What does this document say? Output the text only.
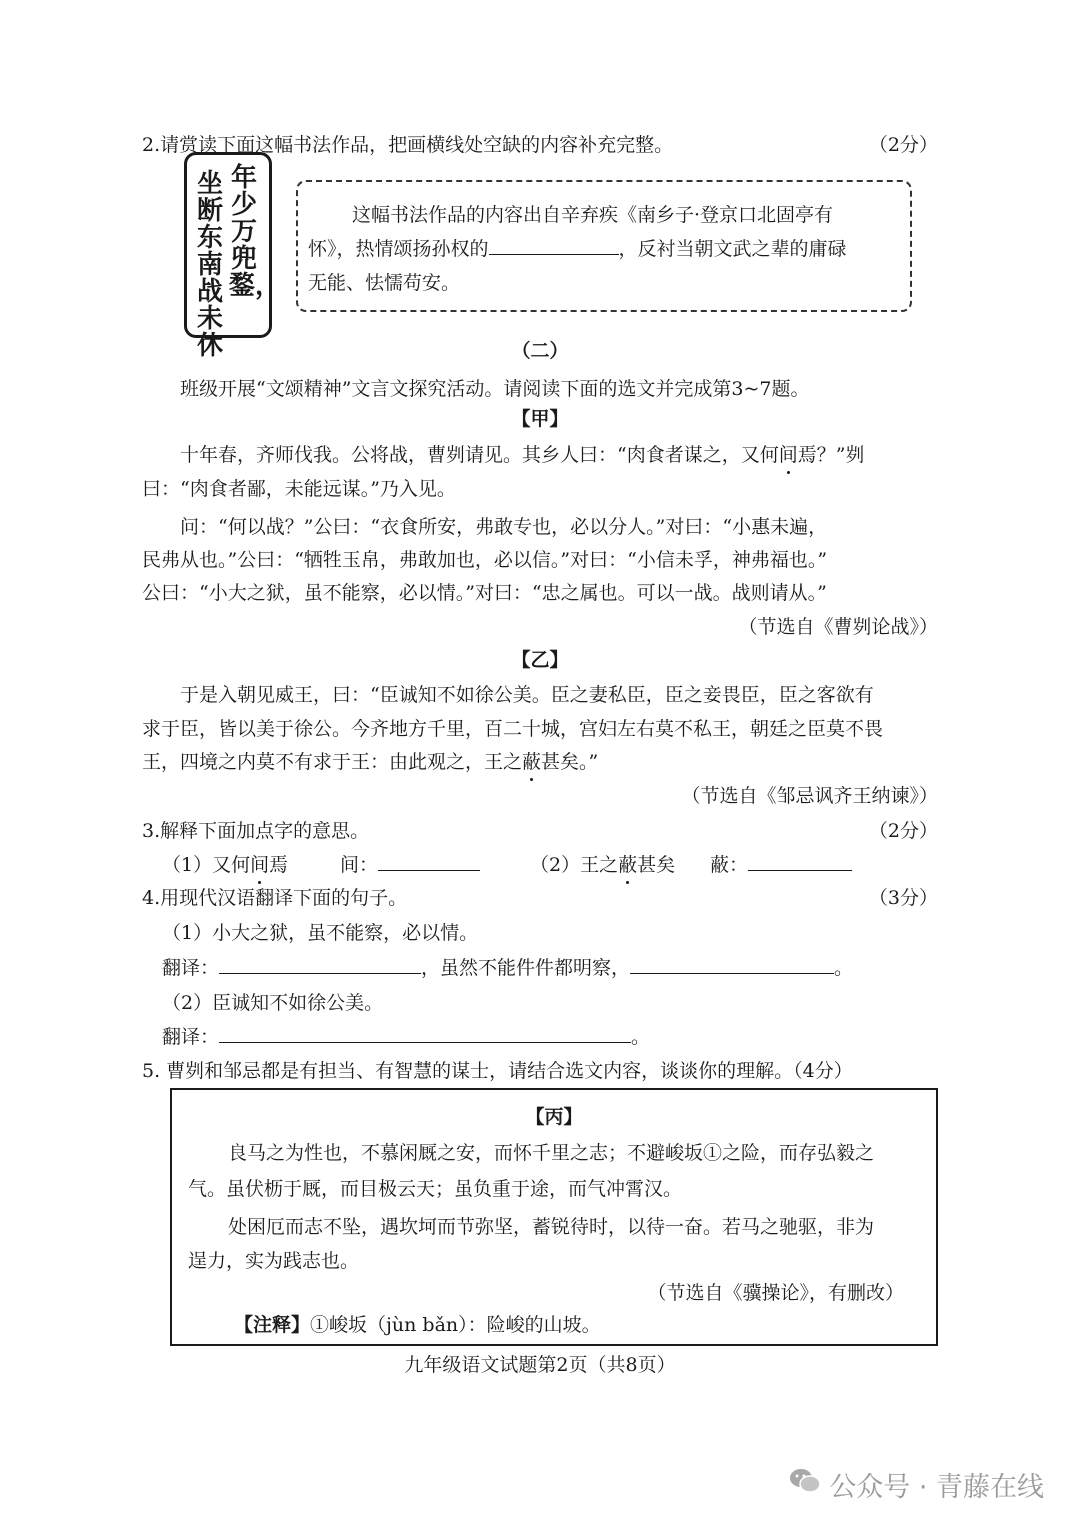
2.请赏读下面这幅书法作品，把画横线处空缺的内容补充完整。	（2分）
年少万兜鍪，
坐断东南战未休
这幅书法作品的内容出自辛弃疾《南乡子·登京口北固亭有
怀》，热情颂扬孙权的	，反衬当朝文武之辈的庸碌
无能、怯懦苟安。
（二）
班级开展“文颂精神”文言文探究活动。请阅读下面的选文并完成第3~7题。
【甲】
十年春，齐师伐我。公将战，曹刿请见。其乡人曰：“肉食者谋之，又何间焉？”刿
曰：“肉食者鄙，未能远谋。”乃入见。
问：“何以战？”公曰：“衣食所安，弗敢专也，必以分人。”对曰：“小惠未遍，
民弗从也。”公曰：“牺牲玉帛，弗敢加也，必以信。”对曰：“小信未孚，神弗福也。”
公曰：“小大之狱，虽不能察，必以情。”对曰：“忠之属也。可以一战。战则请从。”
（节选自《曹刿论战》）
【乙】
于是入朝见威王，曰：“臣诚知不如徐公美。臣之妻私臣，臣之妾畏臣，臣之客欲有
求于臣，皆以美于徐公。今齐地方千里，百二十城，宫妇左右莫不私王，朝廷之臣莫不畏
王，四境之内莫不有求于王：由此观之，王之蔽甚矣。”
（节选自《邹忌讽齐王纳谏》）
3.解释下面加点字的意思。	（2分）
（1）又何间焉	间：	（2）王之蔽甚矣 蔽：
4.用现代汉语翻译下面的句子。	（3分）
（1）小大之狱，虽不能察，必以情。
翻译：	，虽然不能件件都明察，	。
（2）臣诚知不如徐公美。
翻译：	。
5. 曹刿和邹忌都是有担当、有智慧的谋士，请结合选文内容，谈谈你的理解。（4分）
【丙】
良马之为性也，不慕闲厩之安，而怀千里之志；不避峻坂①之险，而存弘毅之
气。虽伏枥于厩，而目极云天；虽负重于途，而气冲霄汉。
处困厄而志不坠，遇坎坷而节弥坚，蓄锐待时，以待一奋。若马之驰驱，非为
逞力，实为践志也。
（节选自《骥操论》，有删改）
【注释】①峻坂（jùn bǎn）：险峻的山坡。
九年级语文试题第2页（共8页）
公众号 · 青藤在线
